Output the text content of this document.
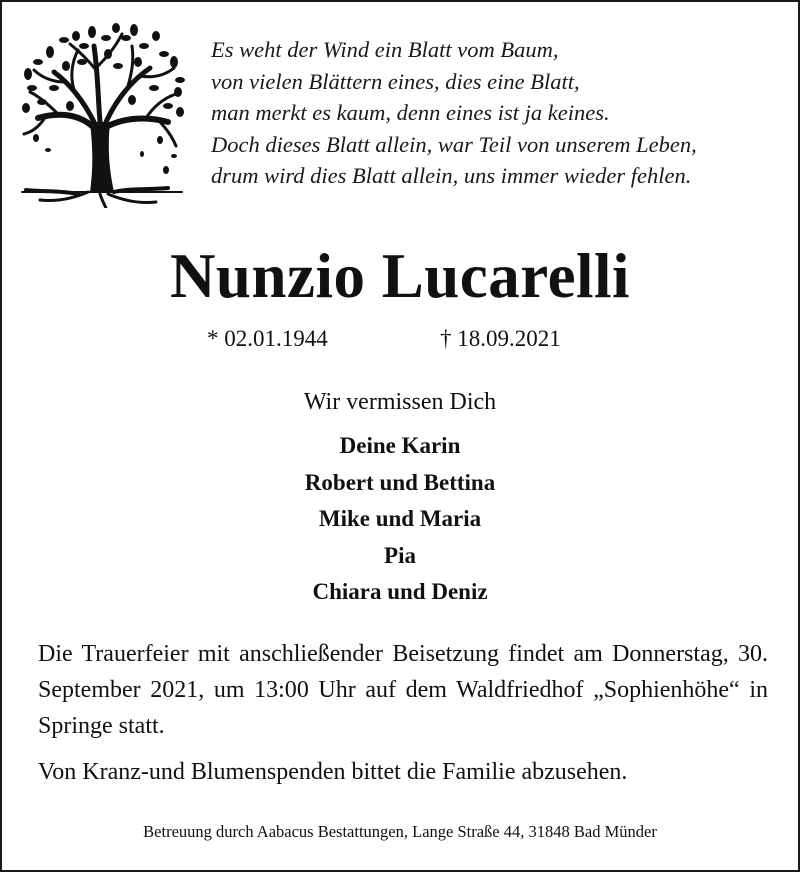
Es weht der Wind ein Blatt vom Baum,
von vielen Blättern eines, dies eine Blatt,
man merkt es kaum, denn eines ist ja keines.
Doch dieses Blatt allein, war Teil von unserem Leben,
drum wird dies Blatt allein, uns immer wieder fehlen.
Nunzio Lucarelli
* 02.01.1944	† 18.09.2021
Wir vermissen Dich
Deine Karin
Robert und Bettina
Mike und Maria
Pia
Chiara und Deniz
Die Trauerfeier mit anschließender Beisetzung findet am Donnerstag, 30. September 2021, um 13:00 Uhr auf dem Waldfriedhof „Sophienhöhe“ in Springe statt.
Von Kranz-und Blumenspenden bittet die Familie abzusehen.
Betreuung durch Aabacus Bestattungen, Lange Straße 44, 31848 Bad Münder
